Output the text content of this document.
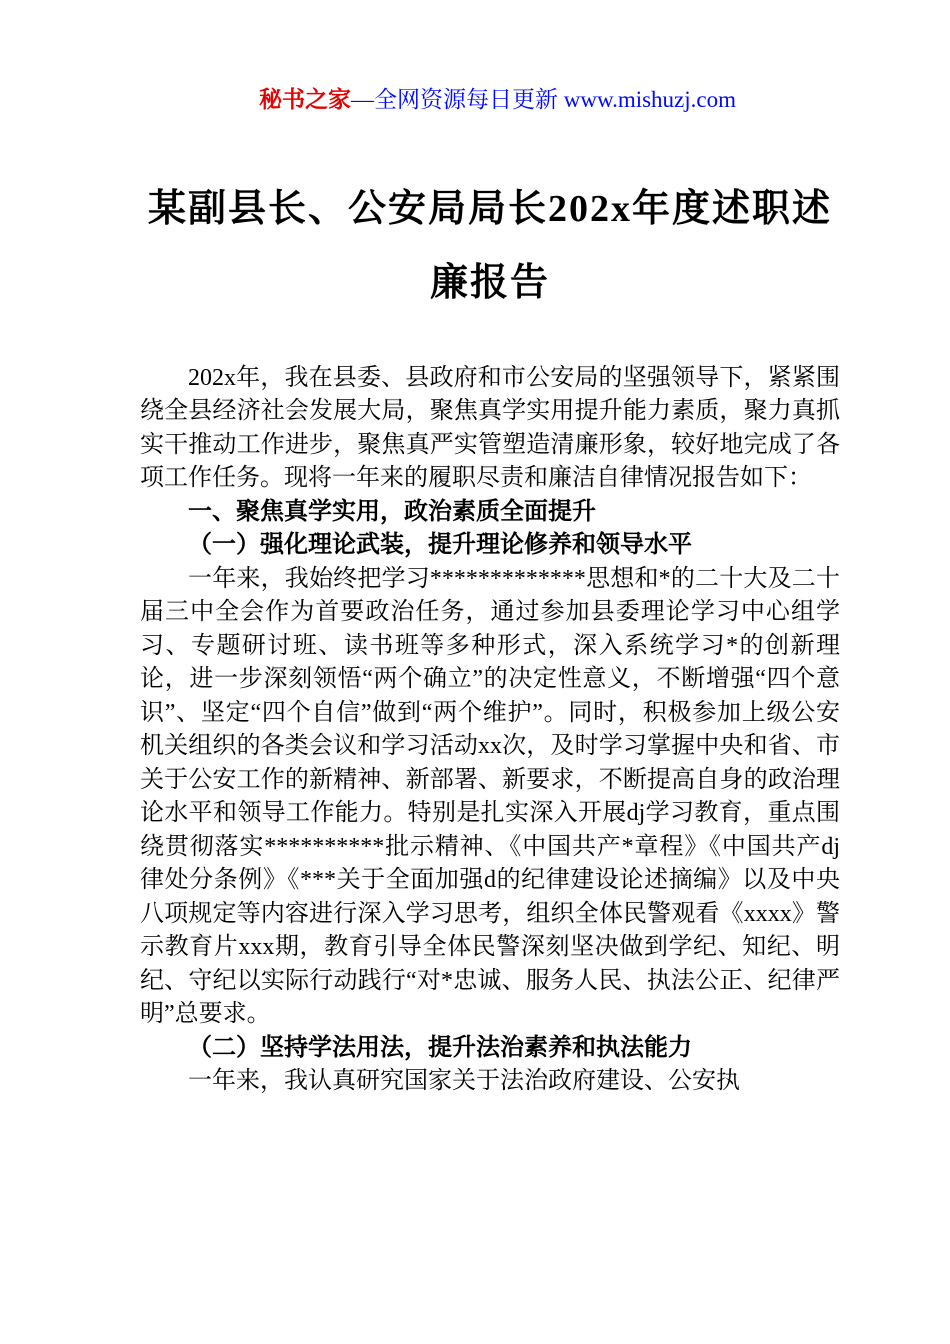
秘书之家—全网资源每日更新 www.mishuzj.com
某副县长、公安局局长202x年度述职述廉报告

202x年，我在县委、县政府和市公安局的坚强领导下，紧紧围绕全县经济社会发展大局，聚焦真学实用提升能力素质，聚力真抓实干推动工作进步，聚焦真严实管塑造清廉形象，较好地完成了各项工作任务。现将一年来的履职尽责和廉洁自律情况报告如下：

一、聚焦真学实用，政治素质全面提升

（一）强化理论武装，提升理论修养和领导水平

一年来，我始终把学习*************思想和*的二十大及二十届三中全会作为首要政治任务，通过参加县委理论学习中心组学习、专题研讨班、读书班等多种形式，深入系统学习*的创新理论，进一步深刻领悟“两个确立”的决定性意义，不断增强“四个意识”、坚定“四个自信”做到“两个维护”。同时，积极参加上级公安机关组织的各类会议和学习活动xx次，及时学习掌握中央和省、市关于公安工作的新精神、新部署、新要求，不断提高自身的政治理论水平和领导工作能力。特别是扎实深入开展dj学习教育，重点围绕贯彻落实**********批示精神、《中国共产*章程》《中国共产dj律处分条例》《***关于全面加强d的纪律建设论述摘编》以及中央八项规定等内容进行深入学习思考，组织全体民警观看《xxxx》警示教育片xxx期，教育引导全体民警深刻坚决做到学纪、知纪、明纪、守纪以实际行动践行“对*忠诚、服务人民、执法公正、纪律严明”总要求。

（二）坚持学法用法，提升法治素养和执法能力

一年来，我认真研究国家关于法治政府建设、公安执
